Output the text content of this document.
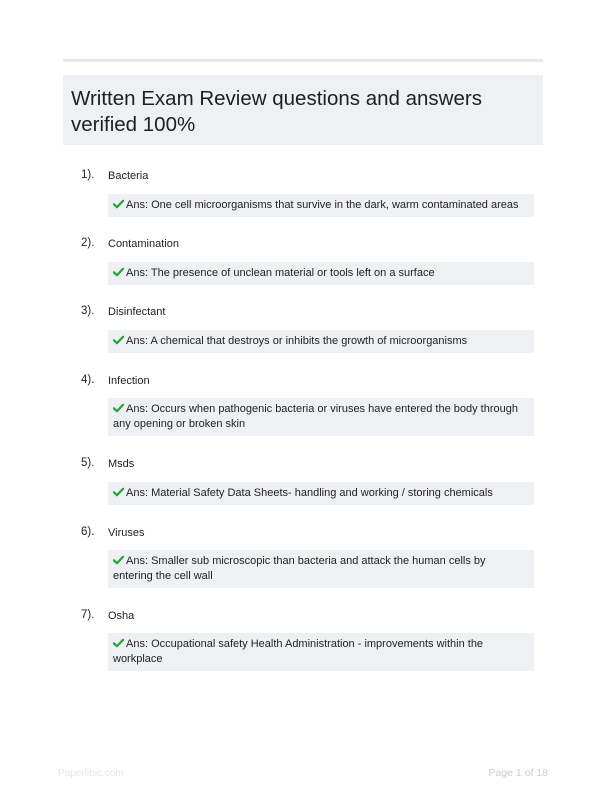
Written Exam Review questions and answers verified 100%
1). Bacteria
Ans: One cell microorganisms that survive in the dark, warm contaminated areas
2). Contamination
Ans: The presence of unclean material or tools left on a surface
3). Disinfectant
Ans: A chemical that destroys or inhibits the growth of microorganisms
4). Infection
Ans: Occurs when pathogenic bacteria or viruses have entered the body through any opening or broken skin
5). Msds
Ans: Material Safety Data Sheets- handling and working / storing chemicals
6). Viruses
Ans: Smaller sub microscopic than bacteria and attack the human cells by entering the cell wall
7). Osha
Ans: Occupational safety Health Administration - improvements within the workplace
Paperlibic.com	Page 1 of 18
